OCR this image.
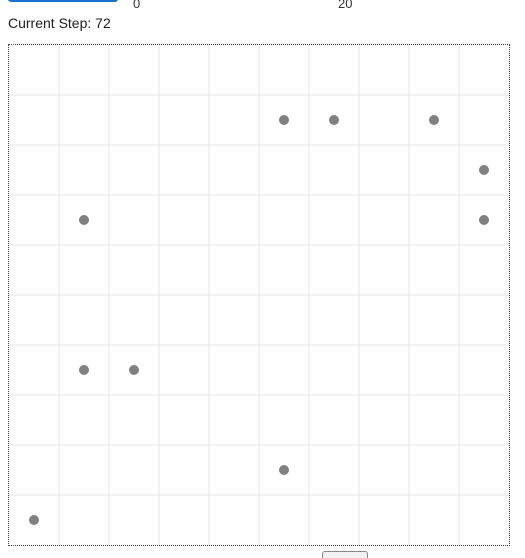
0	20
Current Step: 72
